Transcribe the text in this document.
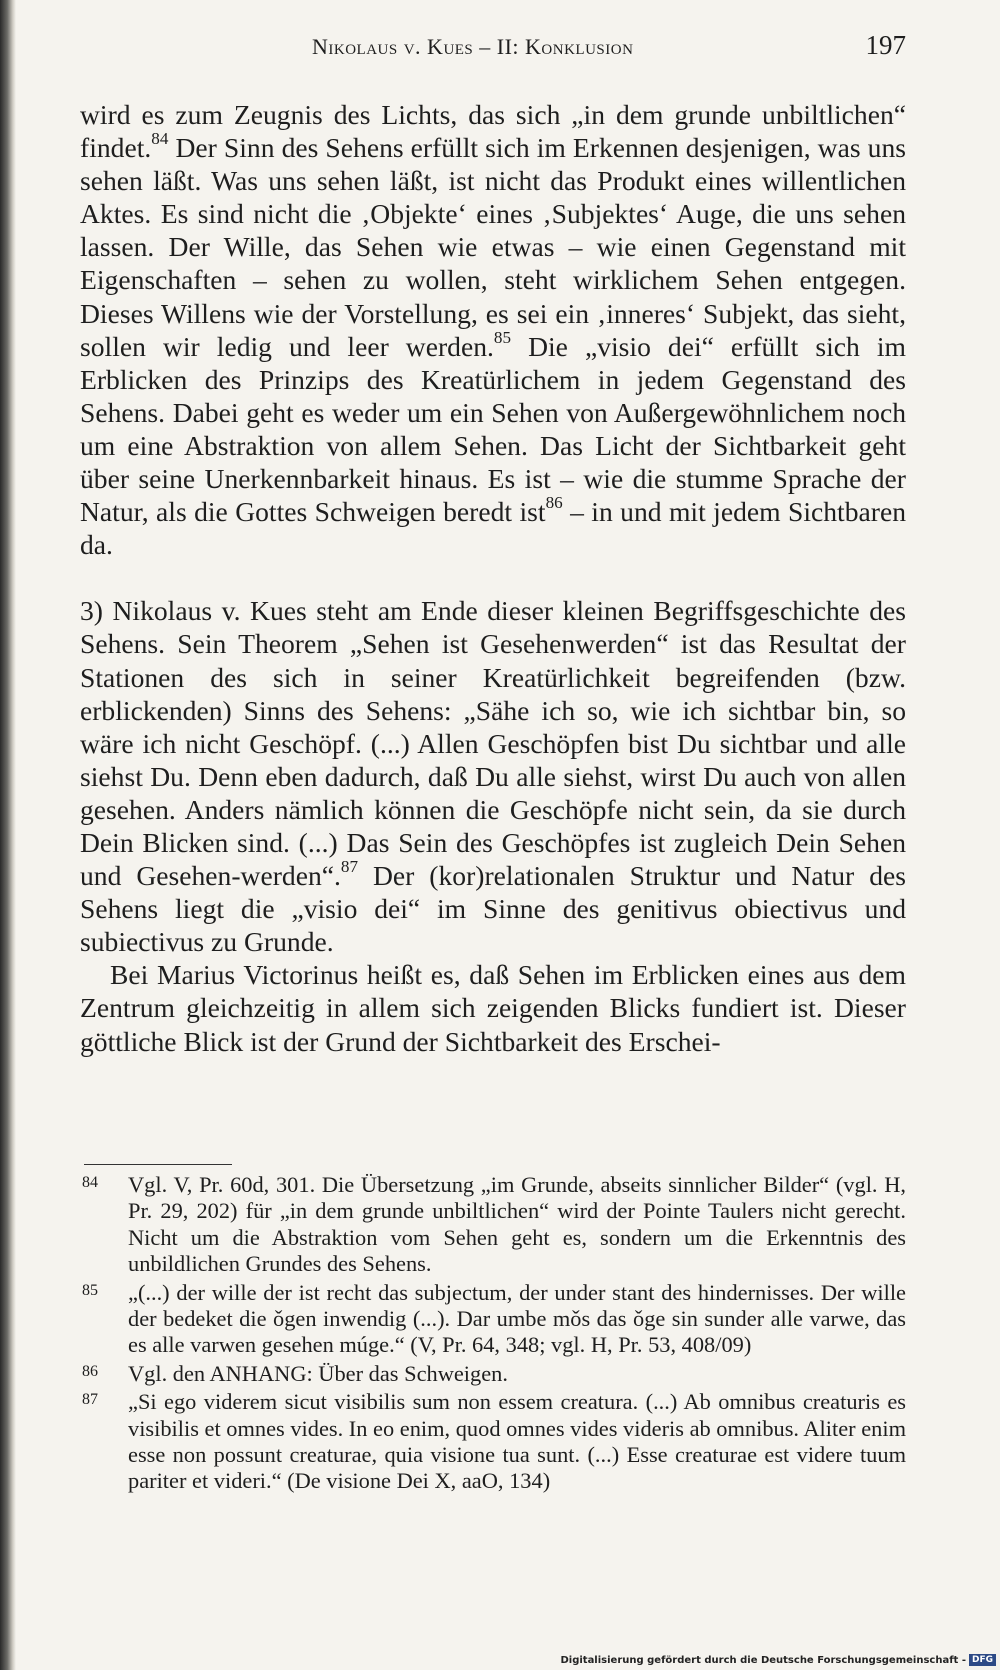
Nikolaus v. Kues – II: Konklusion	197

wird es zum Zeugnis des Lichts, das sich „in dem grunde unbiltlichen“ findet.$^{84}$ Der Sinn des Sehens erfüllt sich im Erkennen desjenigen, was uns sehen läßt. Was uns sehen läßt, ist nicht das Produkt eines willentlichen Aktes. Es sind nicht die ‚Objekte‘ eines ‚Subjektes‘ Auge, die uns sehen lassen. Der Wille, das Sehen wie etwas – wie einen Gegenstand mit Eigenschaften – sehen zu wollen, steht wirklichem Sehen entgegen. Dieses Willens wie der Vorstellung, es sei ein ‚inneres‘ Subjekt, das sieht, sollen wir ledig und leer werden.$^{85}$ Die „visio dei“ erfüllt sich im Erblicken des Prinzips des Kreatürlichem in jedem Gegenstand des Sehens. Dabei geht es weder um ein Sehen von Außergewöhnlichem noch um eine Abstraktion von allem Sehen. Das Licht der Sichtbarkeit geht über seine Unerkennbarkeit hinaus. Es ist – wie die stumme Sprache der Natur, als die Gottes Schweigen beredt ist$^{86}$ – in und mit jedem Sichtbaren da.

3) Nikolaus v. Kues steht am Ende dieser kleinen Begriffsgeschichte des Sehens. Sein Theorem „Sehen ist Gesehenwerden“ ist das Resultat der Stationen des sich in seiner Kreatürlichkeit begreifenden (bzw. erblickenden) Sinns des Sehens: „Sähe ich so, wie ich sichtbar bin, so wäre ich nicht Geschöpf. (...) Allen Geschöpfen bist Du sichtbar und alle siehst Du. Denn eben dadurch, daß Du alle siehst, wirst Du auch von allen gesehen. Anders nämlich können die Geschöpfe nicht sein, da sie durch Dein Blicken sind. (...) Das Sein des Geschöpfes ist zugleich Dein Sehen und Gesehen-werden“.$^{87}$ Der (kor)relationalen Struktur und Natur des Sehens liegt die „visio dei“ im Sinne des genitivus obiectivus und subiectivus zu Grunde.

Bei Marius Victorinus heißt es, daß Sehen im Erblicken eines aus dem Zentrum gleichzeitig in allem sich zeigenden Blicks fundiert ist. Dieser göttliche Blick ist der Grund der Sichtbarkeit des Erschei-

84	Vgl. V, Pr. 60d, 301. Die Übersetzung „im Grunde, abseits sinnlicher Bilder“ (vgl. H, Pr. 29, 202) für „in dem grunde unbiltlichen“ wird der Pointe Taulers nicht gerecht. Nicht um die Abstraktion vom Sehen geht es, sondern um die Erkenntnis des unbildlichen Grundes des Sehens.
85	„(...) der wille der ist recht das subjectum, der under stant des hindernisses. Der wille der bedeket die ǒgen inwendig (...). Dar umbe mǒs das ǒge sin sunder alle varwe, das es alle varwen gesehen múge.“ (V, Pr. 64, 348; vgl. H, Pr. 53, 408/09)
86	Vgl. den ANHANG: Über das Schweigen.
87	„Si ego viderem sicut visibilis sum non essem creatura. (...) Ab omnibus creaturis es visibilis et omnes vides. In eo enim, quod omnes vides videris ab omnibus. Aliter enim esse non possunt creaturae, quia visione tua sunt. (...) Esse creaturae est videre tuum pariter et videri.“ (De visione Dei X, aaO, 134)
Digitalisierung gefördert durch die Deutsche Forschungsgemeinschaft - DFG
